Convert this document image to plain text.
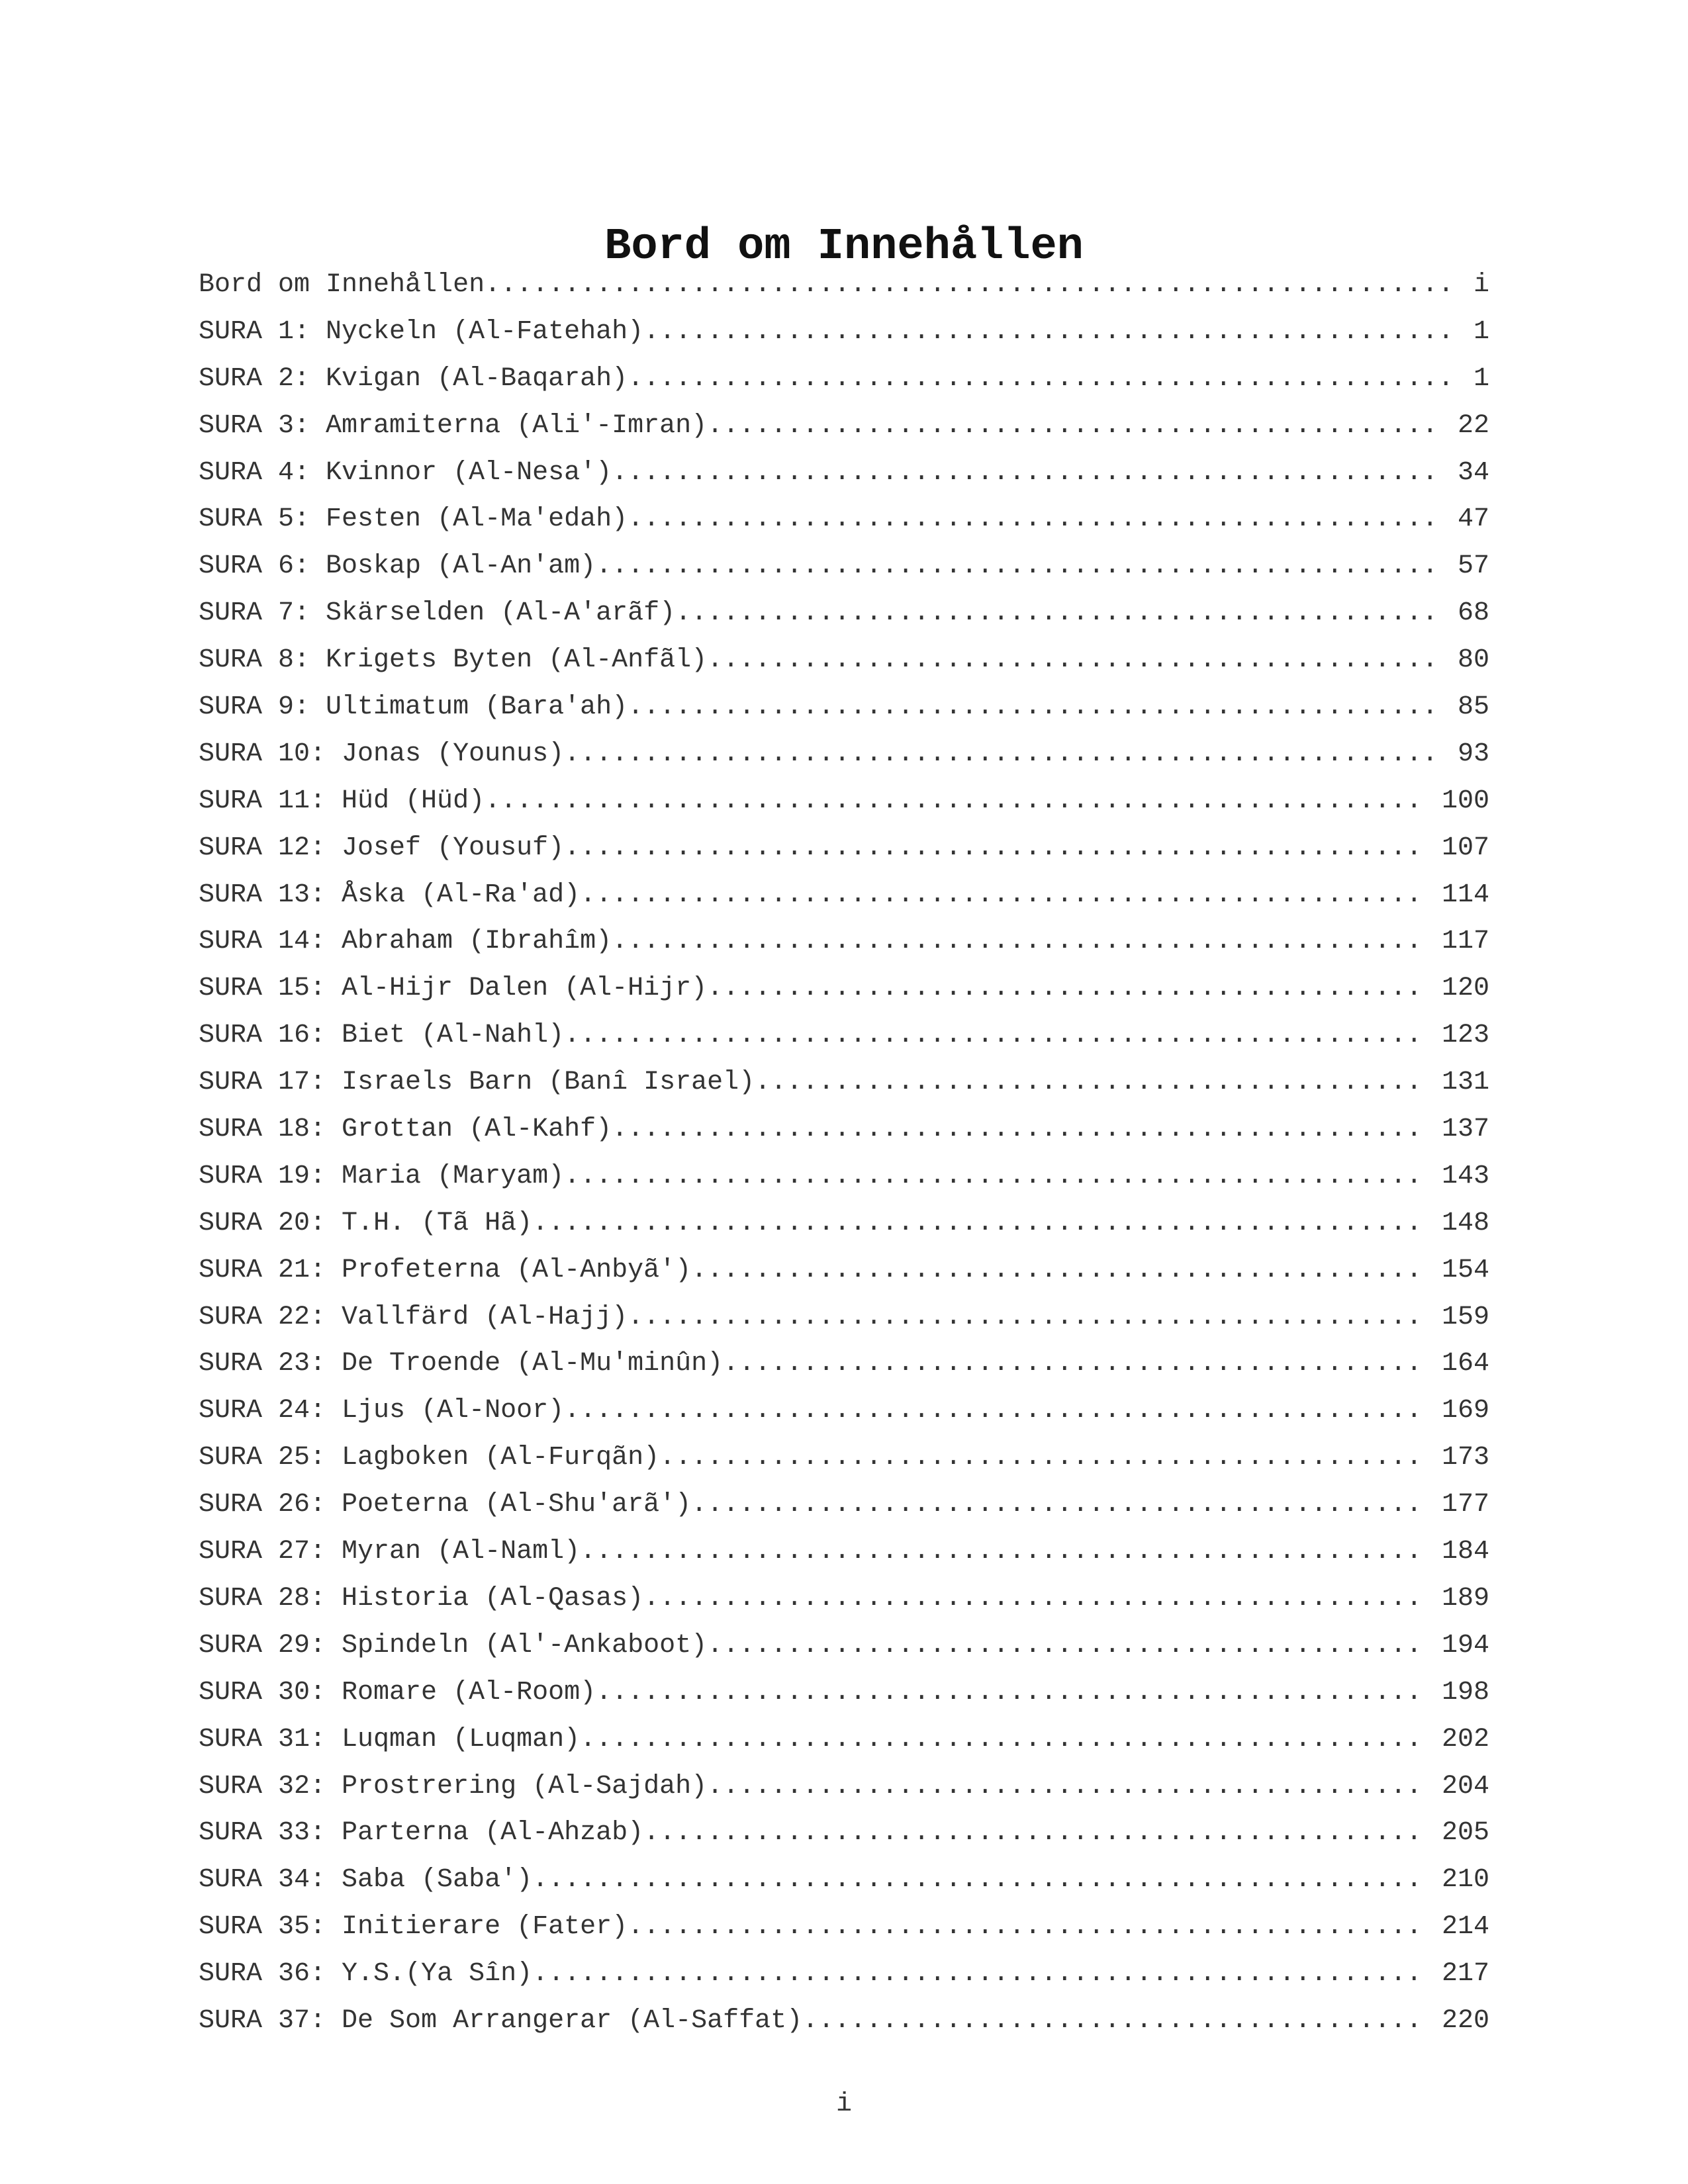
Bord om Innehållen
Bord om Innehållen .....	i
SURA 1: Nyckeln (Al-Fatehah) .....	1
SURA 2: Kvigan (Al-Baqarah) .....	1
SURA 3: Amramiterna (Ali'-Imran) .....	22
SURA 4: Kvinnor (Al-Nesa') .....	34
SURA 5: Festen (Al-Ma'edah) .....	47
SURA 6: Boskap (Al-An'am) .....	57
SURA 7: Skärselden (Al-A'arãf) .....	68
SURA 8: Krigets Byten (Al-Anfãl) .....	80
SURA 9: Ultimatum (Bara'ah) .....	85
SURA 10: Jonas (Younus) .....	93
SURA 11: Hüd (Hüd) .....	100
SURA 12: Josef (Yousuf) .....	107
SURA 13: Åska (Al-Ra'ad) .....	114
SURA 14: Abraham (Ibrahîm) .....	117
SURA 15: Al-Hijr Dalen (Al-Hijr) .....	120
SURA 16: Biet (Al-Nahl) .....	123
SURA 17: Israels Barn (Banî Israel) .....	131
SURA 18: Grottan (Al-Kahf) .....	137
SURA 19: Maria (Maryam) .....	143
SURA 20: T.H. (Tã Hã) .....	148
SURA 21: Profeterna (Al-Anbyã') .....	154
SURA 22: Vallfärd (Al-Hajj) .....	159
SURA 23: De Troende (Al-Mu'minûn) .....	164
SURA 24: Ljus (Al-Noor) .....	169
SURA 25: Lagboken (Al-Furqãn) .....	173
SURA 26: Poeterna (Al-Shu'arã') .....	177
SURA 27: Myran (Al-Naml) .....	184
SURA 28: Historia (Al-Qasas) .....	189
SURA 29: Spindeln (Al'-Ankaboot) .....	194
SURA 30: Romare (Al-Room) .....	198
SURA 31: Luqman (Luqman) .....	202
SURA 32: Prostrering (Al-Sajdah) .....	204
SURA 33: Parterna (Al-Ahzab) .....	205
SURA 34: Saba (Saba') .....	210
SURA 35: Initierare (Fater) .....	214
SURA 36: Y.S.(Ya Sîn) .....	217
SURA 37: De Som Arrangerar (Al-Saffat) .....	220
i
